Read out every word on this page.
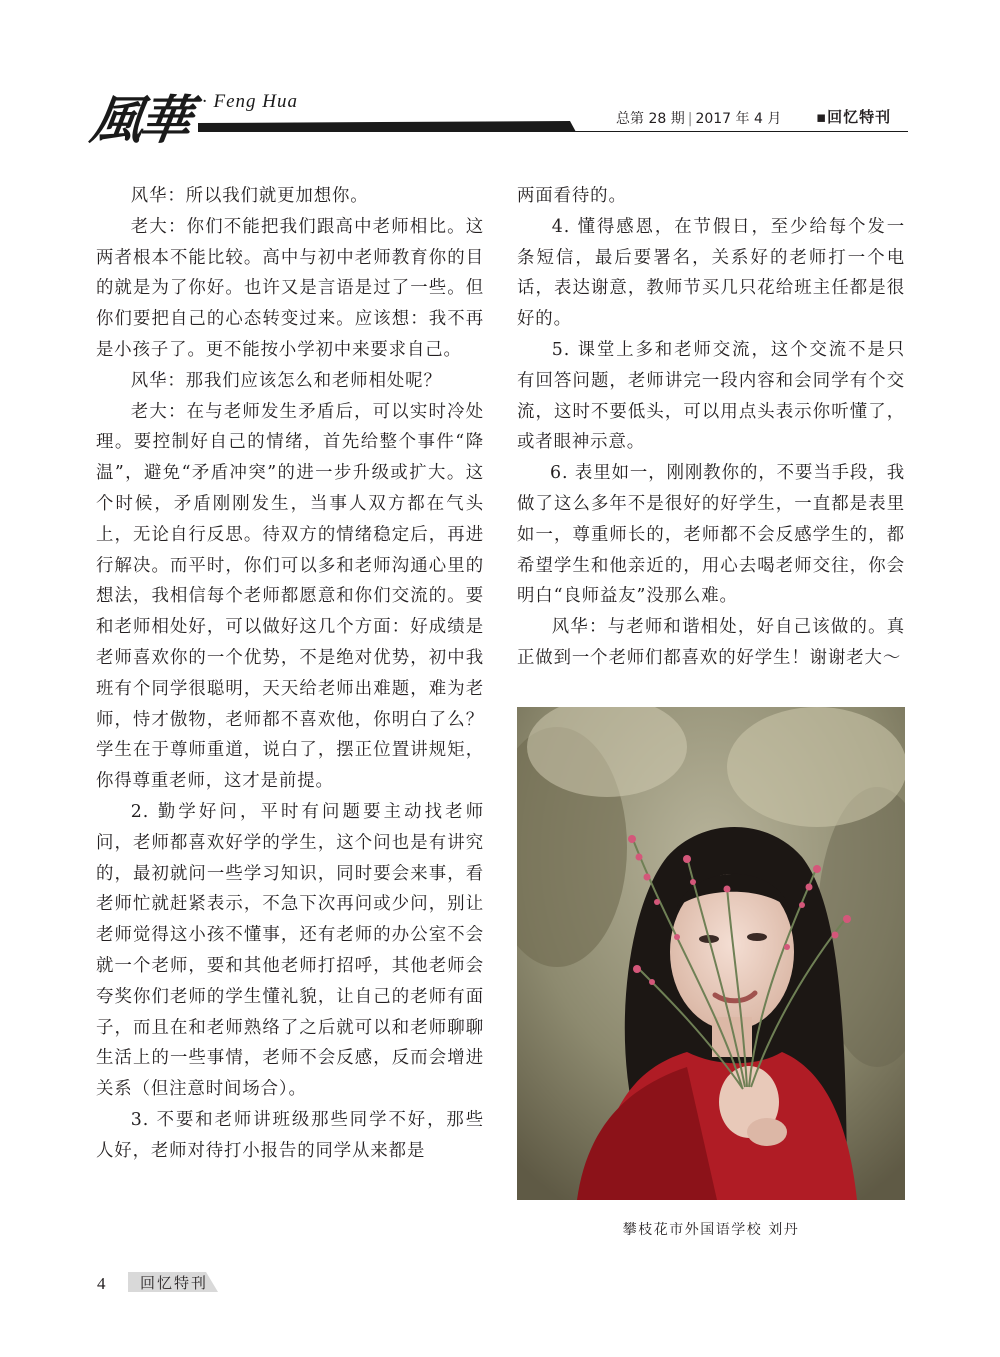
風華 · Feng Hua
总第 28 期 | 2017 年 4 月 ▪回忆特刊

风华：所以我们就更加想你。

老大：你们不能把我们跟高中老师相比。这两者根本不能比较。高中与初中老师教育你的目的就是为了你好。也许又是言语是过了一些。但你们要把自己的心态转变过来。应该想：我不再是小孩子了。更不能按小学初中来要求自己。

风华：那我们应该怎么和老师相处呢？

老大：在与老师发生矛盾后，可以实时冷处理。要控制好自己的情绪，首先给整个事件“降温”，避免“矛盾冲突”的进一步升级或扩大。这个时候，矛盾刚刚发生，当事人双方都在气头上，无论自行反思。待双方的情绪稳定后，再进行解决。而平时，你们可以多和老师沟通心里的想法，我相信每个老师都愿意和你们交流的。要和老师相处好，可以做好这几个方面：好成绩是老师喜欢你的一个优势，不是绝对优势，初中我班有个同学很聪明，天天给老师出难题，难为老师，恃才傲物，老师都不喜欢他，你明白了么？学生在于尊师重道，说白了，摆正位置讲规矩，你得尊重老师，这才是前提。

2. 勤学好问，平时有问题要主动找老师问，老师都喜欢好学的学生，这个问也是有讲究的，最初就问一些学习知识，同时要会来事，看老师忙就赶紧表示，不急下次再问或少问，别让老师觉得这小孩不懂事，还有老师的办公室不会就一个老师，要和其他老师打招呼，其他老师会夸奖你们老师的学生懂礼貌，让自己的老师有面子，而且在和老师熟络了之后就可以和老师聊聊生活上的一些事情，老师不会反感，反而会增进关系（但注意时间场合）。

3. 不要和老师讲班级那些同学不好，那些人好，老师对待打小报告的同学从来都是

两面看待的。

4. 懂得感恩，在节假日，至少给每个发一条短信，最后要署名，关系好的老师打一个电话，表达谢意，教师节买几只花给班主任都是很好的。

5. 课堂上多和老师交流，这个交流不是只有回答问题，老师讲完一段内容和会同学有个交流，这时不要低头，可以用点头表示你听懂了，或者眼神示意。

6. 表里如一，刚刚教你的，不要当手段，我做了这么多年不是很好的好学生，一直都是表里如一，尊重师长的，老师都不会反感学生的，都希望学生和他亲近的，用心去喝老师交往，你会明白“良师益友”没那么难。

风华：与老师和谐相处，好自己该做的。真正做到一个老师们都喜欢的好学生！谢谢老大～

攀枝花市外国语学校 刘丹
4 回忆特刊
